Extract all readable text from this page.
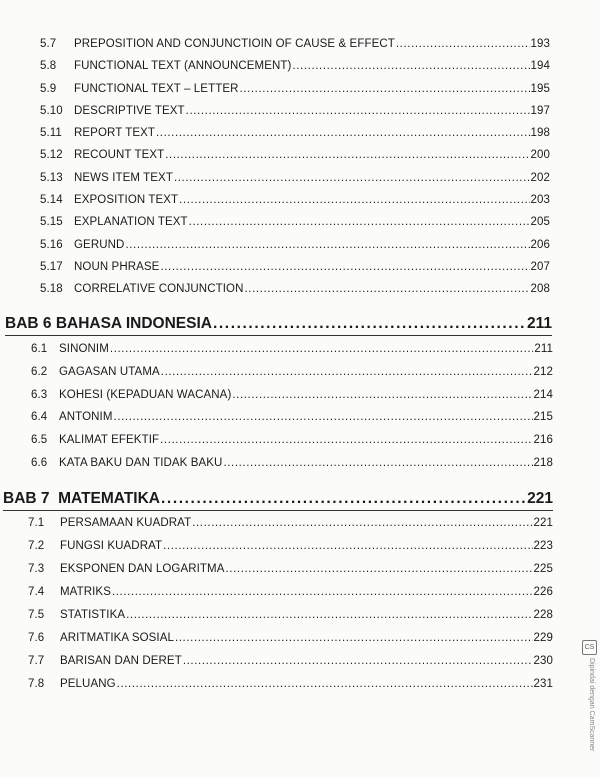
5.7	PREPOSITION AND CONJUNCTIOIN OF CAUSE & EFFECT .....	193
5.8	FUNCTIONAL TEXT (ANNOUNCEMENT) .....	194
5.9	FUNCTIONAL TEXT – LETTER .....	195
5.10 DESCRIPTIVE TEXT .....	197
5.11	REPORT TEXT .....	198
5.12 RECOUNT TEXT .....	200
5.13 NEWS ITEM TEXT .....	202
5.14 EXPOSITION TEXT .....	203
5.15 EXPLANATION TEXT .....	205
5.16 GERUND .....	206
5.17 NOUN PHRASE .....	207
5.18 CORRELATIVE CONJUNCTION .....	208
BAB 6 BAHASA INDONESIA .....	211
6.1	SINONIM .....	211
6.2	GAGASAN UTAMA .....	212
6.3	KOHESI (KEPADUAN WACANA) .....	214
6.4	ANTONIM .....	215
6.5	KALIMAT EFEKTIF .....	216
6.6	KATA BAKU DAN TIDAK BAKU .....	218
BAB 7  MATEMATIKA .....	221
7.1	PERSAMAAN KUADRAT .....	221
7.2	FUNGSI KUADRAT .....	223
7.3	EKSPONEN DAN LOGARITMA .....	225
7.4	MATRIKS .....	226
7.5	STATISTIKA .....	228
7.6	ARITMATIKA SOSIAL .....	229
7.7	BARISAN DAN DERET .....	230
7.8	PELUANG .....	231
CS
Dipindai dengan CamScanner
